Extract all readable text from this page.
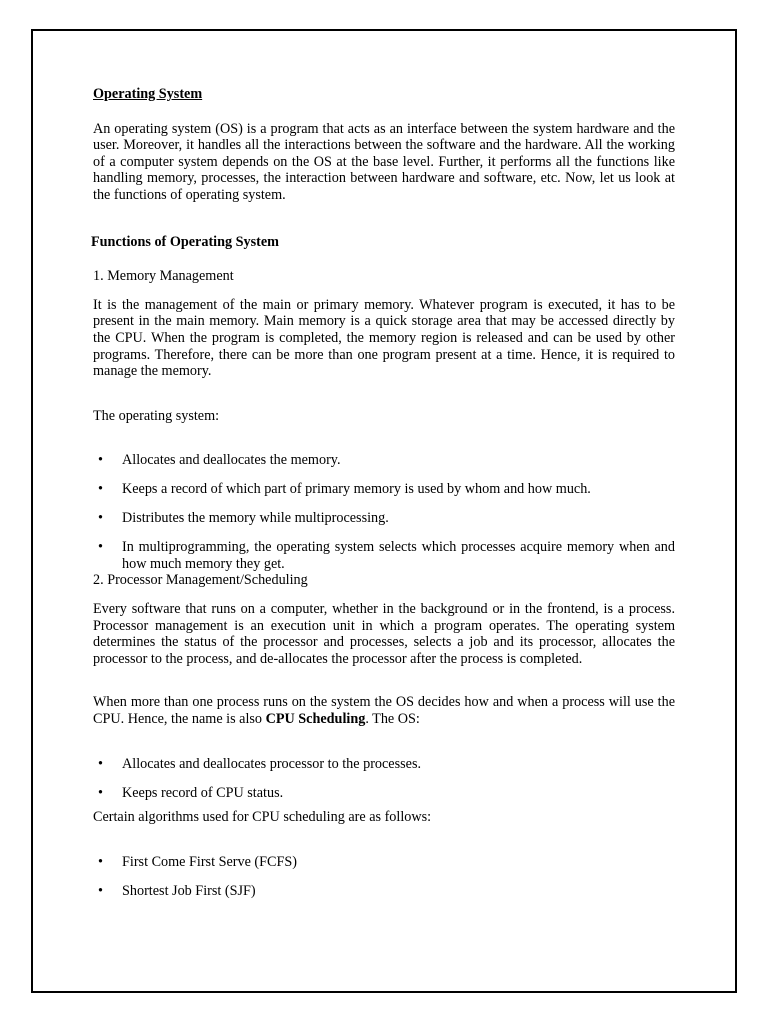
Operating System

An operating system (OS) is a program that acts as an interface between the system hardware and the user. Moreover, it handles all the interactions between the software and the hardware. All the working of a computer system depends on the OS at the base level. Further, it performs all the functions like handling memory, processes, the interaction between hardware and software, etc. Now, let us look at the functions of operating system.

Functions of Operating System

1. Memory Management

It is the management of the main or primary memory. Whatever program is executed, it has to be present in the main memory. Main memory is a quick storage area that may be accessed directly by the CPU. When the program is completed, the memory region is released and can be used by other programs. Therefore, there can be more than one program present at a time. Hence, it is required to manage the memory.

The operating system:

• Allocates and deallocates the memory.
• Keeps a record of which part of primary memory is used by whom and how much.
• Distributes the memory while multiprocessing.
• In multiprogramming, the operating system selects which processes acquire memory when and how much memory they get.

2. Processor Management/Scheduling

Every software that runs on a computer, whether in the background or in the frontend, is a process. Processor management is an execution unit in which a program operates. The operating system determines the status of the processor and processes, selects a job and its processor, allocates the processor to the process, and de-allocates the processor after the process is completed.

When more than one process runs on the system the OS decides how and when a process will use the CPU. Hence, the name is also CPU Scheduling. The OS:

• Allocates and deallocates processor to the processes.
• Keeps record of CPU status.

Certain algorithms used for CPU scheduling are as follows:

• First Come First Serve (FCFS)
• Shortest Job First (SJF)
